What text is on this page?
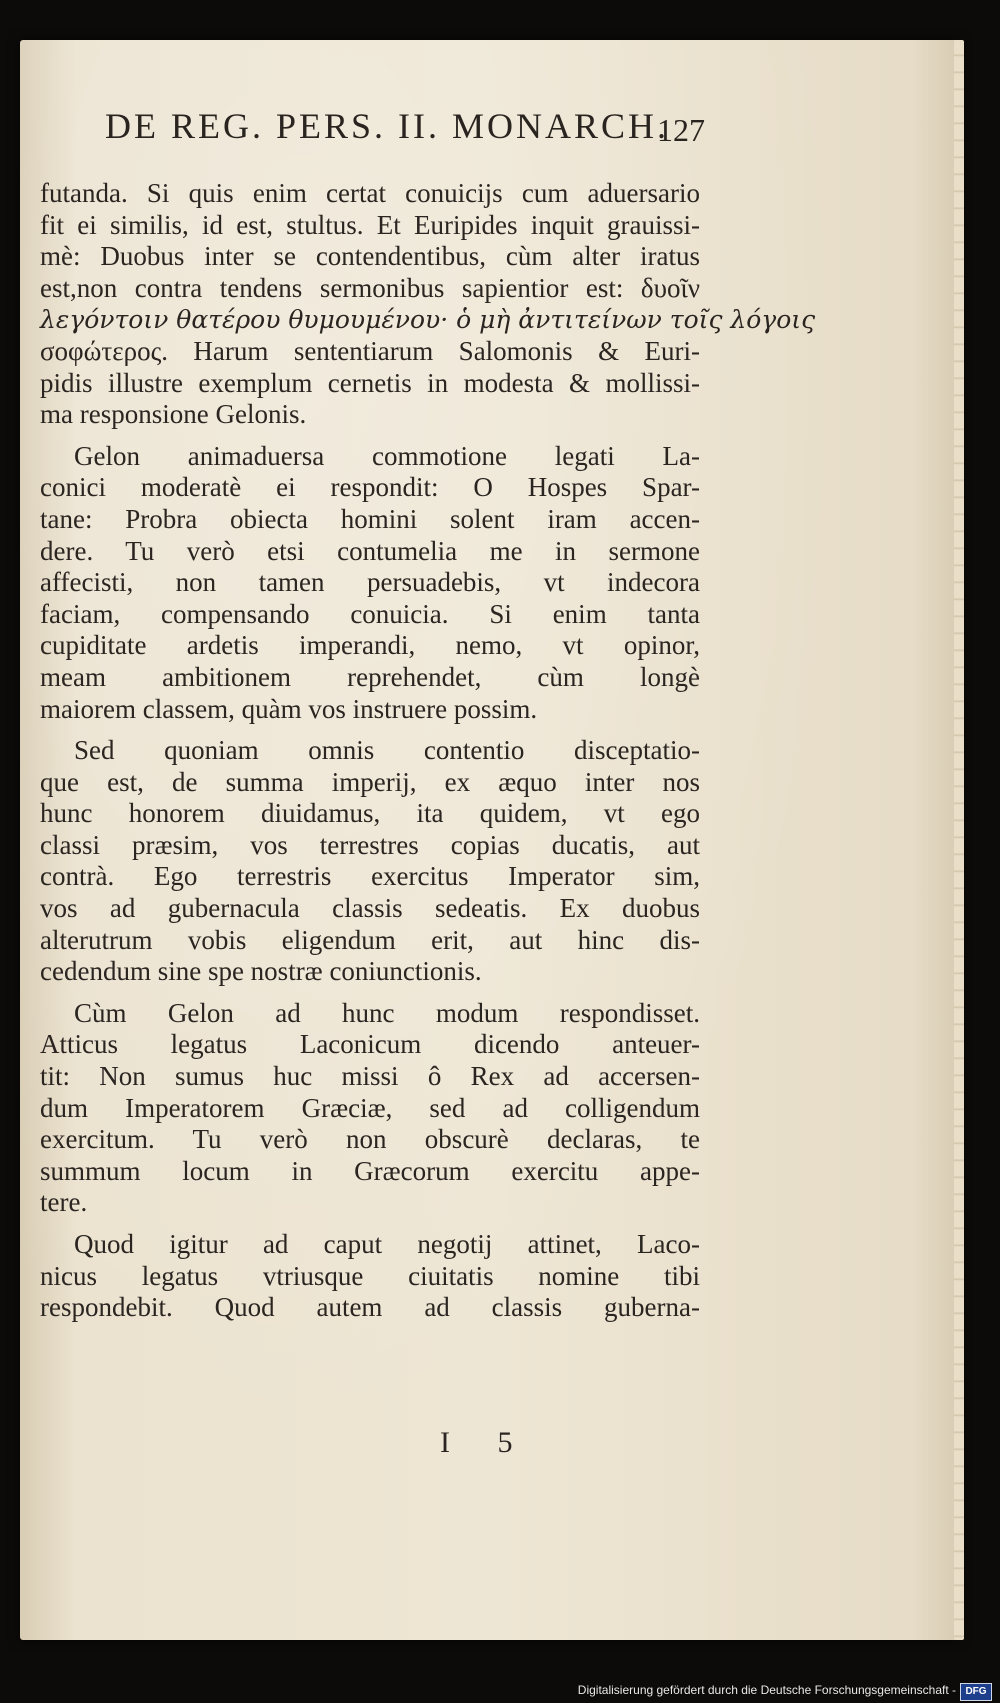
DE REG. PERS. II. MONARCH.
127
futanda. Si quis enim certat conuicijs cum aduersario
fit ei similis, id est, stultus. Et Euripides inquit grauissi-
mè: Duobus inter se contendentibus, cùm alter iratus
est,non contra tendens sermonibus sapientior est: δυοῖν
λεγόντοιν θατέρου θυμουμένου· ὁ μὴ ἀντιτείνων τοῖς λόγοις
σοφώτερος. Harum sententiarum Salomonis & Euri-
pidis illustre exemplum cernetis in modesta & mollissi-
ma responsione Gelonis.
Gelon animaduersa commotione legati La-
conici moderatè ei respondit: O Hospes Spar-
tane: Probra obiecta homini solent iram accen-
dere. Tu verò etsi contumelia me in sermone
affecisti, non tamen persuadebis, vt indecora
faciam, compensando conuicia. Si enim tanta
cupiditate ardetis imperandi, nemo, vt opinor,
meam ambitionem reprehendet, cùm longè
maiorem classem, quàm vos instruere possim.
Sed quoniam omnis contentio disceptatio-
que est, de summa imperij, ex æquo inter nos
hunc honorem diuidamus, ita quidem, vt ego
classi præsim, vos terrestres copias ducatis, aut
contrà. Ego terrestris exercitus Imperator sim,
vos ad gubernacula classis sedeatis. Ex duobus
alterutrum vobis eligendum erit, aut hinc dis-
cedendum sine spe nostræ coniunctionis.
Cùm Gelon ad hunc modum respondisset.
Atticus legatus Laconicum dicendo anteuer-
tit: Non sumus huc missi ô Rex ad accersen-
dum Imperatorem Græciæ, sed ad colligendum
exercitum. Tu verò non obscurè declaras, te
summum locum in Græcorum exercitu appe-
tere.
Quod igitur ad caput negotij attinet, Laco-
nicus legatus vtriusque ciuitatis nomine tibi
respondebit. Quod autem ad classis guberna-
I 5
Digitalisierung gefördert durch die Deutsche Forschungsgemeinschaft - DFG
